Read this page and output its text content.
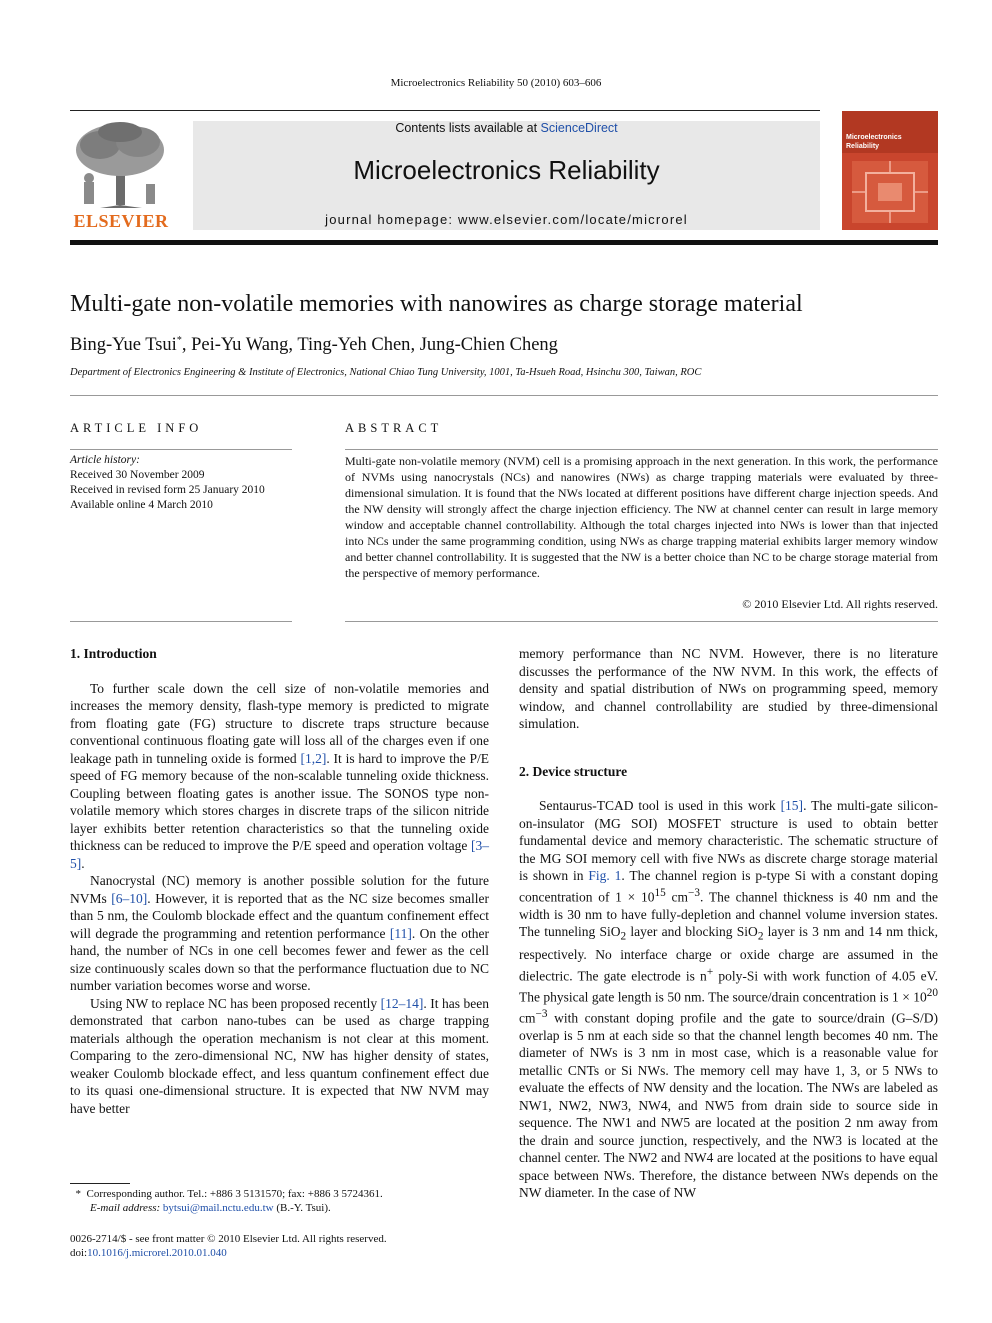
Microelectronics Reliability 50 (2010) 603–606
ELSEVIER
Contents lists available at ScienceDirect
Microelectronics Reliability
journal homepage: www.elsevier.com/locate/microrel
Microelectronics
Reliability
Multi-gate non-volatile memories with nanowires as charge storage material
Bing-Yue Tsui*, Pei-Yu Wang, Ting-Yeh Chen, Jung-Chien Cheng
Department of Electronics Engineering & Institute of Electronics, National Chiao Tung University, 1001, Ta-Hsueh Road, Hsinchu 300, Taiwan, ROC
ARTICLE INFO
Article history:
Received 30 November 2009
Received in revised form 25 January 2010
Available online 4 March 2010
ABSTRACT
Multi-gate non-volatile memory (NVM) cell is a promising approach in the next generation. In this work, the performance of NVMs using nanocrystals (NCs) and nanowires (NWs) as charge trapping materials were evaluated by three-dimensional simulation. It is found that the NWs located at different positions have different charge injection speeds. And the NW density will strongly affect the charge injection efficiency. The NW at channel center can result in large memory window and acceptable channel controllability. Although the total charges injected into NWs is lower than that injected into NCs under the same programming condition, using NWs as charge trapping material exhibits larger memory window and better channel controllability. It is suggested that the NW is a better choice than NC to be charge storage material from the perspective of memory performance.
© 2010 Elsevier Ltd. All rights reserved.
1. Introduction

To further scale down the cell size of non-volatile memories and increases the memory density, flash-type memory is predicted to migrate from floating gate (FG) structure to discrete traps structure because conventional continuous floating gate will loss all of the charges even if one leakage path in tunneling oxide is formed [1,2]. It is hard to improve the P/E speed of FG memory because of the non-scalable tunneling oxide thickness. Coupling between floating gates is another issue. The SONOS type non-volatile memory which stores charges in discrete traps of the silicon nitride layer exhibits better retention characteristics so that the tunneling oxide thickness can be reduced to improve the P/E speed and operation voltage [3–5].

Nanocrystal (NC) memory is another possible solution for the future NVMs [6–10]. However, it is reported that as the NC size becomes smaller than 5 nm, the Coulomb blockade effect and the quantum confinement effect will degrade the programming and retention performance [11]. On the other hand, the number of NCs in one cell becomes fewer and fewer as the cell size continuously scales down so that the performance fluctuation due to NC number variation becomes worse and worse.

Using NW to replace NC has been proposed recently [12–14]. It has been demonstrated that carbon nano-tubes can be used as charge trapping materials although the operation mechanism is not clear at this moment. Comparing to the zero-dimensional NC, NW has higher density of states, weaker Coulomb blockade effect, and less quantum confinement effect due to its quasi one-dimensional structure. It is expected that NW NVM may have better

memory performance than NC NVM. However, there is no literature discusses the performance of the NW NVM. In this work, the effects of density and spatial distribution of NWs on programming speed, memory window, and channel controllability are studied by three-dimensional simulation.

2. Device structure

Sentaurus-TCAD tool is used in this work [15]. The multi-gate silicon-on-insulator (MG SOI) MOSFET structure is used to obtain better fundamental device and memory characteristic. The schematic structure of the MG SOI memory cell with five NWs as discrete charge storage material is shown in Fig. 1. The channel region is p-type Si with a constant doping concentration of $1 \times 10^{15}$ $cm^{-3}$. The channel thickness is 40 nm and the width is 30 nm to have fully-depletion and channel volume inversion states. The tunneling SiO$_2$ layer and blocking SiO$_2$ layer is 3 nm and 14 nm thick, respectively. No interface charge or oxide charge are assumed in the dielectric. The gate electrode is n+ poly-Si with work function of 4.05 eV. The physical gate length is 50 nm. The source/drain concentration is $1 \times 10^{20}$ $cm^{-3}$ with constant doping profile and the gate to source/drain (G–S/D) overlap is 5 nm at each side so that the channel length becomes 40 nm. The diameter of NWs is 3 nm in most case, which is a reasonable value for metallic CNTs or Si NWs. The memory cell may have 1, 3, or 5 NWs to evaluate the effects of NW density and the location. The NWs are labeled as NW1, NW2, NW3, NW4, and NW5 from drain side to source side in sequence. The NW1 and NW5 are located at the position 2 nm away from the drain and source junction, respectively, and the NW3 is located at the channel center. The NW2 and NW4 are located at the positions to have equal space between NWs. Therefore, the distance between NWs depends on the NW diameter. In the case of NW

* Corresponding author. Tel.: +886 3 5131570; fax: +886 3 5724361.
E-mail address: bytsui@mail.nctu.edu.tw (B.-Y. Tsui).
0026-2714/$ - see front matter © 2010 Elsevier Ltd. All rights reserved.
doi:10.1016/j.microrel.2010.01.040
